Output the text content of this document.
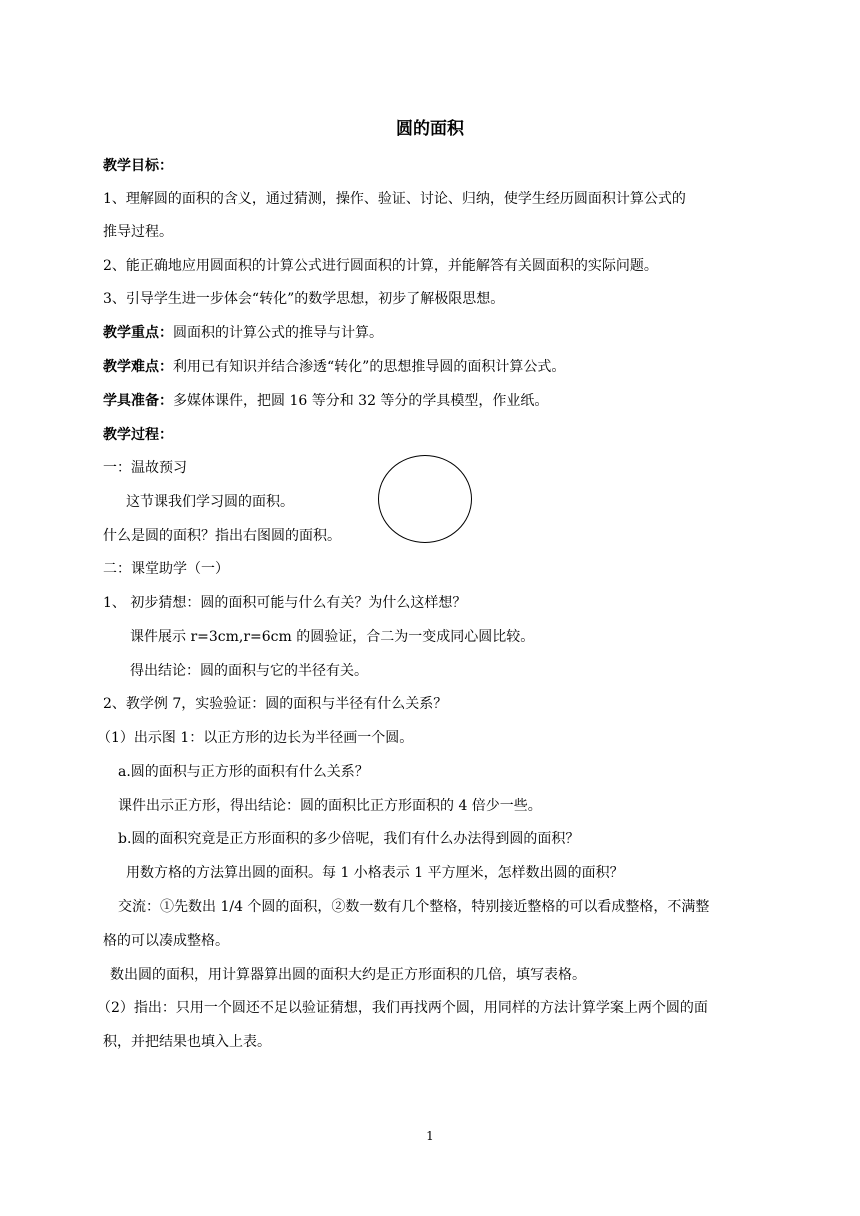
圆的面积
教学目标：
1、理解圆的面积的含义，通过猜测，操作、验证、讨论、归纳，使学生经历圆面积计算公式的
推导过程。
2、能正确地应用圆面积的计算公式进行圆面积的计算，并能解答有关圆面积的实际问题。
3、引导学生进一步体会“转化”的数学思想，初步了解极限思想。
教学重点：圆面积的计算公式的推导与计算。
教学难点：利用已有知识并结合渗透“转化”的思想推导圆的面积计算公式。
学具准备：多媒体课件，把圆 16 等分和 32 等分的学具模型，作业纸。
教学过程：
一：温故预习
这节课我们学习圆的面积。
什么是圆的面积？指出右图圆的面积。
二：课堂助学（一）
1、 初步猜想：圆的面积可能与什么有关？为什么这样想？
课件展示 r=3cm,r=6cm 的圆验证，合二为一变成同心圆比较。
得出结论：圆的面积与它的半径有关。
2、教学例 7，实验验证：圆的面积与半径有什么关系？
（1）出示图 1：以正方形的边长为半径画一个圆。
a.圆的面积与正方形的面积有什么关系？
课件出示正方形，得出结论：圆的面积比正方形面积的 4 倍少一些。
b.圆的面积究竟是正方形面积的多少倍呢，我们有什么办法得到圆的面积？
用数方格的方法算出圆的面积。每 1 小格表示 1 平方厘米，怎样数出圆的面积？
交流：①先数出 1/4 个圆的面积，②数一数有几个整格，特别接近整格的可以看成整格，不满整
格的可以凑成整格。
数出圆的面积，用计算器算出圆的面积大约是正方形面积的几倍，填写表格。
（2）指出：只用一个圆还不足以验证猜想，我们再找两个圆，用同样的方法计算学案上两个圆的面
积，并把结果也填入上表。
1
